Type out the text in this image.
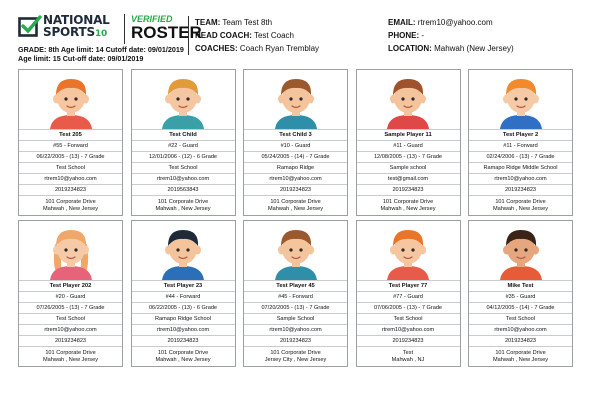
NATIONAL
SPORTS10
VERIFIED
ROSTER
TEAM: Team Test 8th
HEAD COACH: Test Coach
COACHES: Coach Ryan Tremblay
EMAIL: rtrem10@yahoo.com
PHONE: -
LOCATION: Mahwah (New Jersey)
GRADE: 8th Age limit: 14 Cutoff date: 09/01/2019
Age limit: 15 Cut-off date: 09/01/2019
Test 205
#55 - Forward
06/22/2005 - (13) - 7 Grade
Test School
rtrem10@yahoo.com
2019234823
101 Corporate Drive
Mahwah , New Jersey
Test Child
#22 - Guard
12/01/2006 - (12) - 6 Grade
Test School
rtrem10@yahoo.com
2019563843
101 Corporate Drive
Mahwah , New Jersey
Test Child 3
#10 - Guard
05/24/2005 - (14) - 7 Grade
Ramapo Ridge
rtrem10@yahoo.com
2019234823
101 Corporate Drive
Mahwah , New Jersey
Sample Player 11
#11 - Guard
12/08/2005 - (13) - 7 Grade
Sample school
test@gmail.com
2019234823
101 Corporate Drive
Mahwah , New Jersey
Test Player 2
#11 - Forward
02/24/2006 - (13) - 7 Grade
Ramapo Ridge Middle School
rtrem10@yahoo.com
2019234823
101 Corporate Drive
Mahwah , New Jersey
Test Player 202
#20 - Guard
07/26/2005 - (13) - 7 Grade
Test School
rtrem10@yahoo.com
2019234823
101 Corporate Drive
Mahwah , New Jersey
Test Player 23
#44 - Forward
06/22/2005 - (13) - 6 Grade
Ramapo Ridge School
rtrem10@yahoo.com
2019234823
101 Corporate Drive
Mahwah , New Jersey
Test Player 45
#45 - Forward
07/20/2005 - (13) - 7 Grade
Sample School
rtrem10@yahoo.com
2019234823
101 Corporate Drive
Jersey City , New Jersey
Test Player 77
#77 - Guard
07/06/2005 - (13) - 7 Grade
Test School
rtrem10@yahoo.com
2019234823
Test
Mahwah , NJ
Mike Test
#35 - Guard
04/12/2005 - (14) - 7 Grade
Test School
rtrem10@yahoo.com
2019234823
101 Corporate Drive
Mahwah , New Jersey
